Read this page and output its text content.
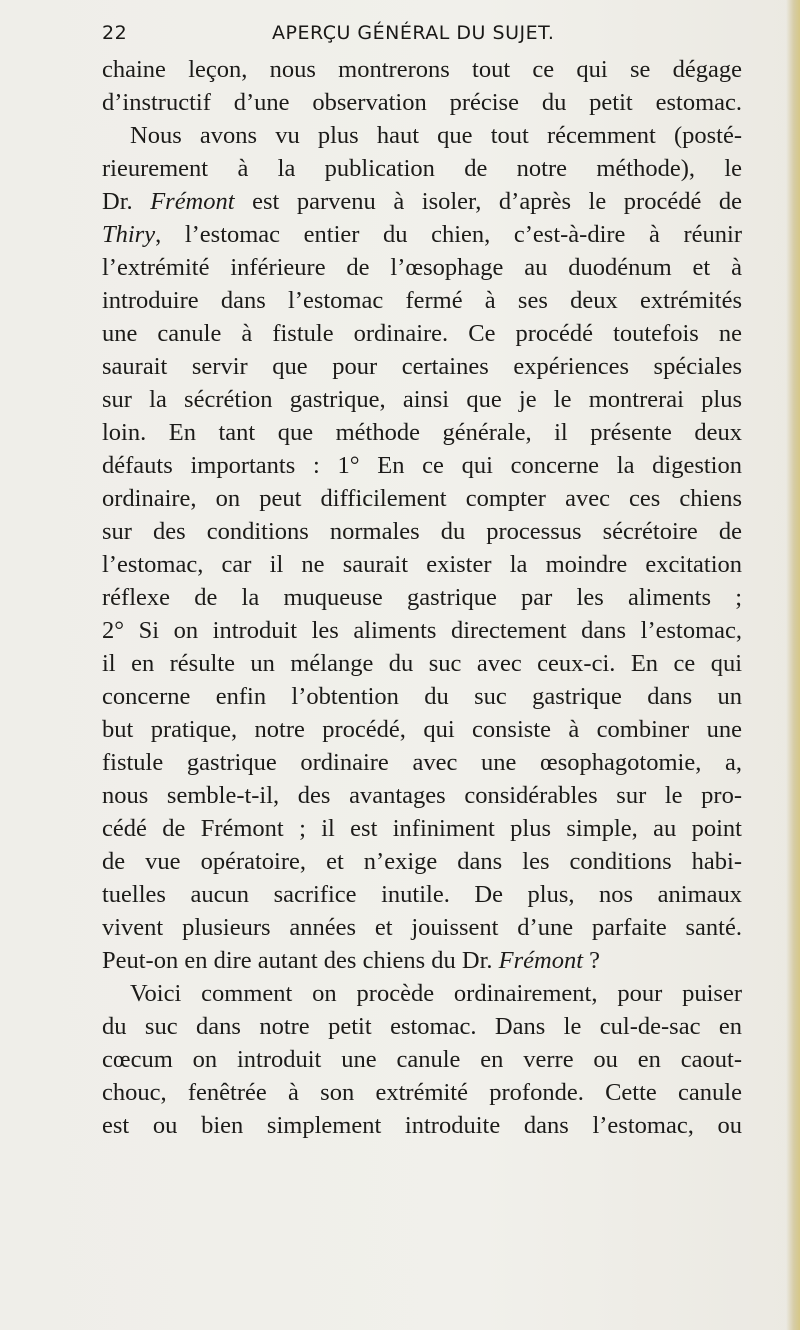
22	APERÇU GÉNÉRAL DU SUJET.
chaine leçon, nous montrerons tout ce qui se dégage
d’instructif d’une observation précise du petit estomac.
Nous avons vu plus haut que tout récemment (posté-
rieurement à la publication de notre méthode), le
Dr. Frémont est parvenu à isoler, d’après le procédé de
Thiry, l’estomac entier du chien, c’est-à-dire à réunir
l’extrémité inférieure de l’œsophage au duodénum et à
introduire dans l’estomac fermé à ses deux extrémités
une canule à fistule ordinaire. Ce procédé toutefois ne
saurait servir que pour certaines expériences spéciales
sur la sécrétion gastrique, ainsi que je le montrerai plus
loin. En tant que méthode générale, il présente deux
défauts importants : 1° En ce qui concerne la digestion
ordinaire, on peut difficilement compter avec ces chiens
sur des conditions normales du processus sécrétoire de
l’estomac, car il ne saurait exister la moindre excitation
réflexe de la muqueuse gastrique par les aliments ;
2° Si on introduit les aliments directement dans l’estomac,
il en résulte un mélange du suc avec ceux-ci. En ce qui
concerne enfin l’obtention du suc gastrique dans un
but pratique, notre procédé, qui consiste à combiner une
fistule gastrique ordinaire avec une œsophagotomie, a,
nous semble-t-il, des avantages considérables sur le pro-
cédé de Frémont ; il est infiniment plus simple, au point
de vue opératoire, et n’exige dans les conditions habi-
tuelles aucun sacrifice inutile. De plus, nos animaux
vivent plusieurs années et jouissent d’une parfaite santé.
Peut-on en dire autant des chiens du Dr. Frémont ?
Voici comment on procède ordinairement, pour puiser
du suc dans notre petit estomac. Dans le cul-de-sac en
cœcum on introduit une canule en verre ou en caout-
chouc, fenêtrée à son extrémité profonde. Cette canule
est ou bien simplement introduite dans l’estomac, ou
